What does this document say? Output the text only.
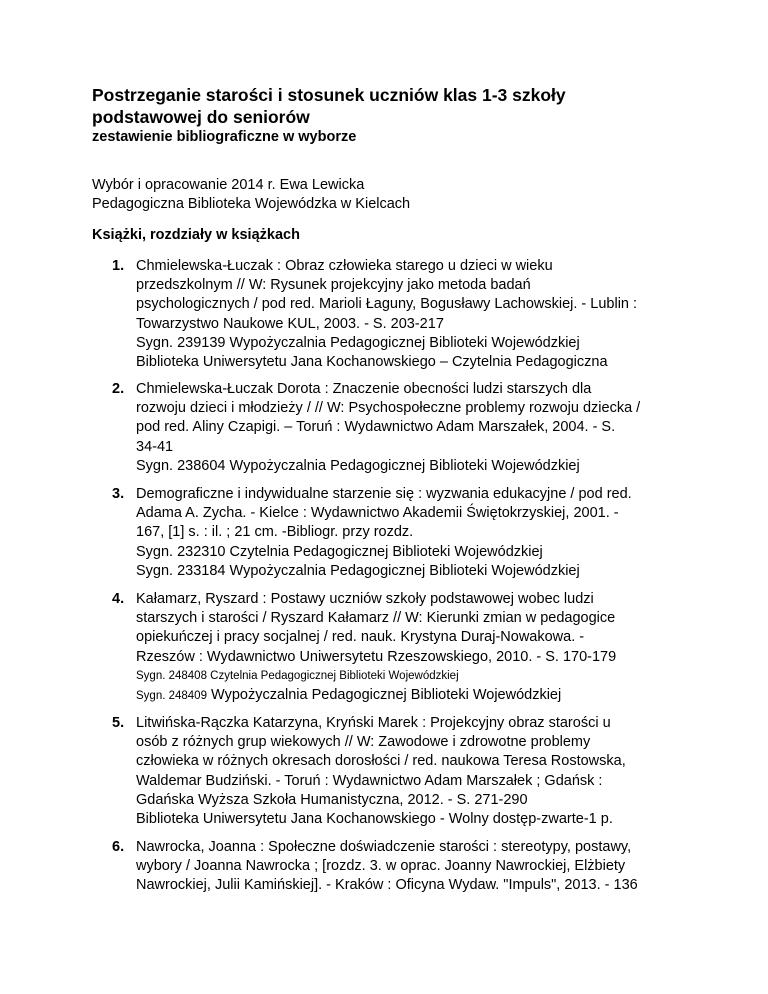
Postrzeganie starości i stosunek uczniów klas 1-3 szkoły podstawowej do seniorów
zestawienie bibliograficzne w wyborze
Wybór i opracowanie 2014 r. Ewa Lewicka
Pedagogiczna Biblioteka Wojewódzka w Kielcach
Książki, rozdziały w książkach
1. Chmielewska-Łuczak : Obraz człowieka starego u dzieci w wieku
przedszkolnym // W: Rysunek projekcyjny jako metoda badań
psychologicznych / pod red. Marioli Łaguny, Bogusławy Lachowskiej. - Lublin :
Towarzystwo Naukowe KUL, 2003. - S. 203-217
Sygn. 239139 Wypożyczalnia Pedagogicznej Biblioteki Wojewódzkiej
Biblioteka Uniwersytetu Jana Kochanowskiego – Czytelnia Pedagogiczna
2. Chmielewska-Łuczak Dorota : Znaczenie obecności ludzi starszych dla
rozwoju dzieci i młodzieży / // W: Psychospołeczne problemy rozwoju dziecka /
pod red. Aliny Czapigi. – Toruń : Wydawnictwo Adam Marszałek, 2004. - S.
34-41
Sygn. 238604 Wypożyczalnia Pedagogicznej Biblioteki Wojewódzkiej
3. Demograficzne i indywidualne starzenie się : wyzwania edukacyjne / pod red.
Adama A. Zycha. - Kielce : Wydawnictwo Akademii Świętokrzyskiej, 2001. -
167, [1] s. : il. ; 21 cm. -Bibliogr. przy rozdz.
Sygn. 232310 Czytelnia Pedagogicznej Biblioteki Wojewódzkiej
Sygn. 233184 Wypożyczalnia Pedagogicznej Biblioteki Wojewódzkiej
4. Kałamarz, Ryszard : Postawy uczniów szkoły podstawowej wobec ludzi
starszych i starości / Ryszard Kałamarz // W: Kierunki zmian w pedagogice
opiekuńczej i pracy socjalnej / red. nauk. Krystyna Duraj-Nowakowa. -
Rzeszów : Wydawnictwo Uniwersytetu Rzeszowskiego, 2010. - S. 170-179
Sygn. 248408 Czytelnia Pedagogicznej Biblioteki Wojewódzkiej
Sygn. 248409 Wypożyczalnia Pedagogicznej Biblioteki Wojewódzkiej
5. Litwińska-Rączka Katarzyna, Kryński Marek : Projekcyjny obraz starości u
osób z różnych grup wiekowych // W: Zawodowe i zdrowotne problemy
człowieka w różnych okresach dorosłości / red. naukowa Teresa Rostowska,
Waldemar Budziński. - Toruń : Wydawnictwo Adam Marszałek ; Gdańsk :
Gdańska Wyższa Szkoła Humanistyczna, 2012. - S. 271-290
Biblioteka Uniwersytetu Jana Kochanowskiego - Wolny dostęp-zwarte-1 p.
6. Nawrocka, Joanna : Społeczne doświadczenie starości : stereotypy, postawy,
wybory / Joanna Nawrocka ; [rozdz. 3. w oprac. Joanny Nawrockiej, Elżbiety
Nawrockiej, Julii Kamińskiej]. - Kraków : Oficyna Wydaw. "Impuls", 2013. - 136
